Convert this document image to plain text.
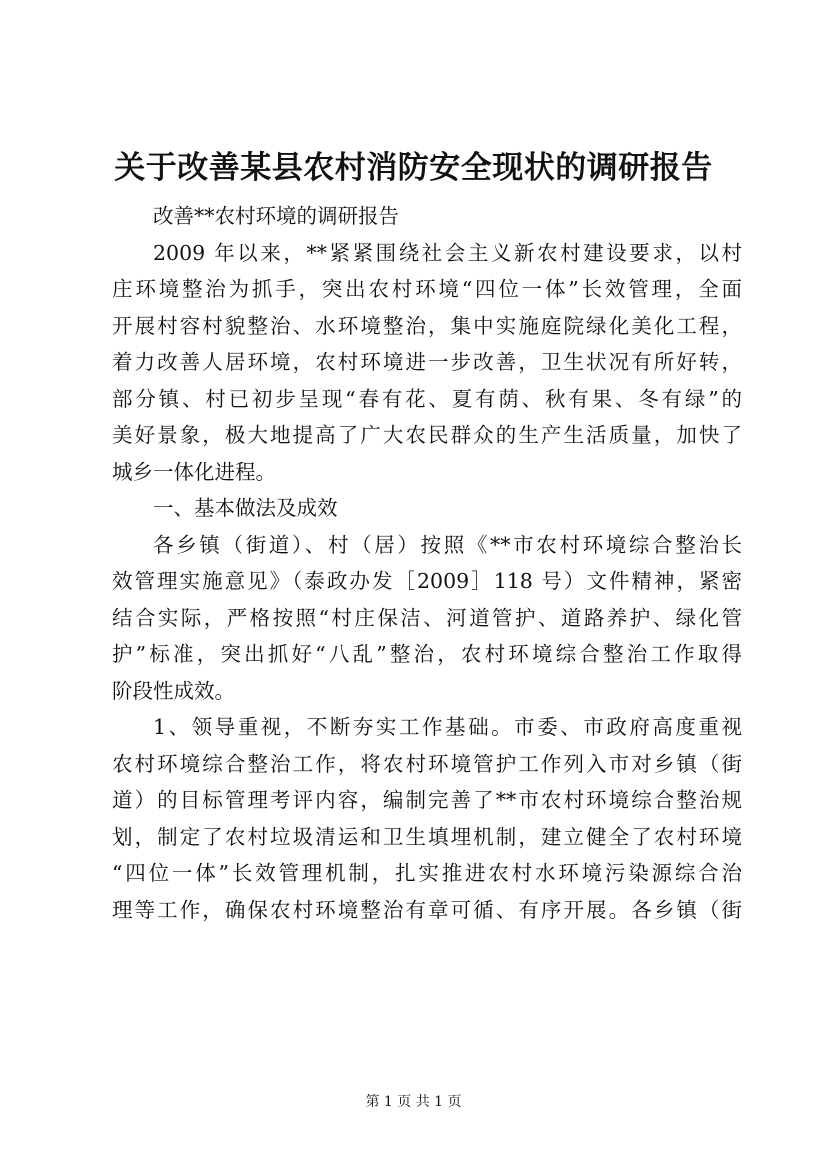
关于改善某县农村消防安全现状的调研报告
改善**农村环境的调研报告
2009 年以来，**紧紧围绕社会主义新农村建设要求，以村
庄环境整治为抓手，突出农村环境“四位一体”长效管理，全面
开展村容村貌整治、水环境整治，集中实施庭院绿化美化工程，
着力改善人居环境，农村环境进一步改善，卫生状况有所好转，
部分镇、村已初步呈现“春有花、夏有荫、秋有果、冬有绿”的
美好景象，极大地提高了广大农民群众的生产生活质量，加快了
城乡一体化进程。
一、基本做法及成效
各乡镇（街道）、村（居）按照《**市农村环境综合整治长
效管理实施意见》（泰政办发［2009］118 号）文件精神，紧密
结合实际，严格按照“村庄保洁、河道管护、道路养护、绿化管
护”标准，突出抓好“八乱”整治，农村环境综合整治工作取得
阶段性成效。
1、领导重视，不断夯实工作基础。市委、市政府高度重视
农村环境综合整治工作，将农村环境管护工作列入市对乡镇（街
道）的目标管理考评内容，编制完善了**市农村环境综合整治规
划，制定了农村垃圾清运和卫生填埋机制，建立健全了农村环境
“四位一体”长效管理机制，扎实推进农村水环境污染源综合治
理等工作，确保农村环境整治有章可循、有序开展。各乡镇（街
第 1 页 共 1 页
